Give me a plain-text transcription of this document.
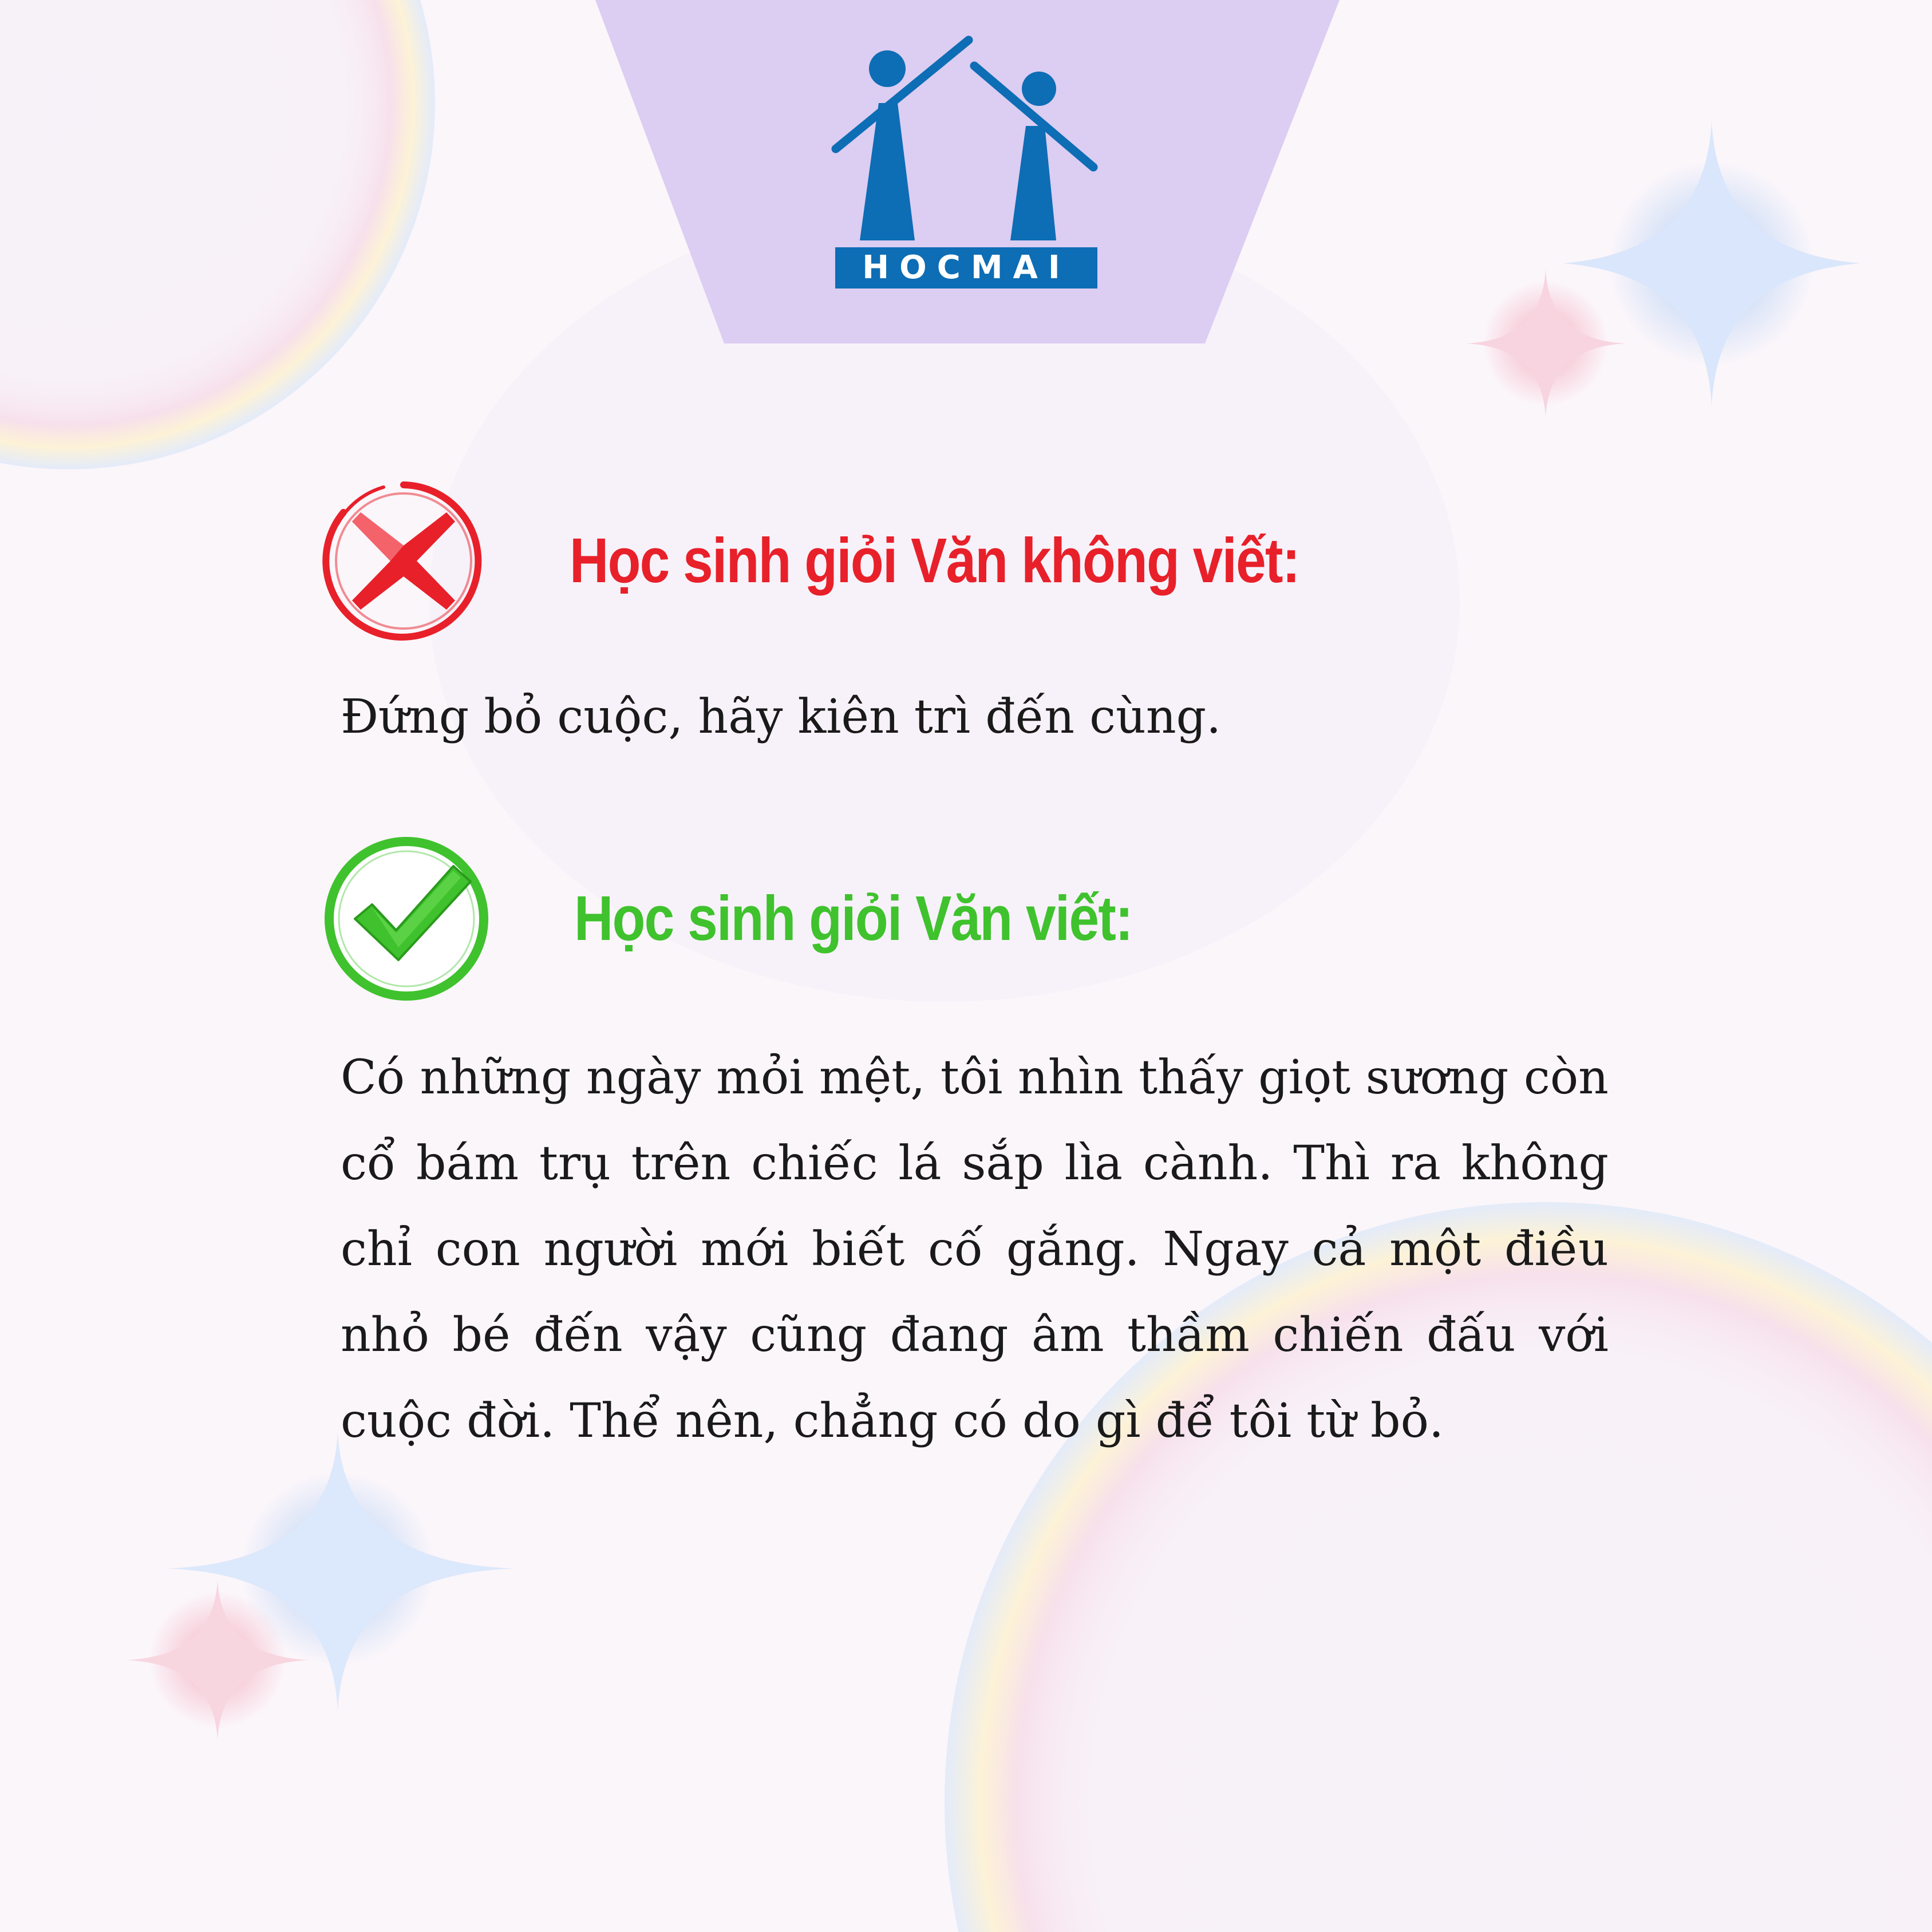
HOCMAI
Học sinh giỏi Văn không viết:
Đứng bỏ cuộc, hãy kiên trì đến cùng.
Học sinh giỏi Văn viết:
Có những ngày mỏi mệt, tôi nhìn thấy giọt sương còn cổ bám trụ trên chiếc lá sắp lìa cành. Thì ra không chỉ con người mới biết cố gắng. Ngay cả một điều nhỏ bé đến vậy cũng đang âm thầm chiến đấu với cuộc đời. Thể nên, chẳng có do gì để tôi từ bỏ.
